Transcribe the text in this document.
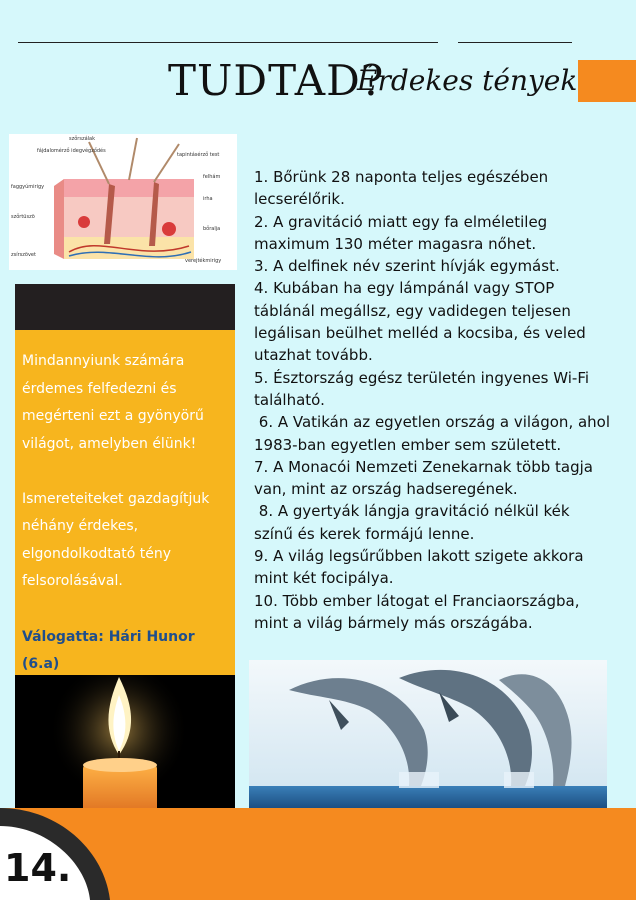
TUDTAD?
Érdekes tények
szőrszálak
fájdalomérző idegvégződés
tapintásérző test
faggyúmirigy
felhám
irha
szőrtüszö
bőralja
zsírszövet
verejtékmirigy

Mindannyiunk számára érdemes felfedezni és megérteni ezt a gyönyörű világot, amelyben élünk!

Ismereteiteket gazdagítjuk néhány érdekes, elgondolkodtató tény felsorolásával.

Válogatta: Hári Hunor (6.a)
1. Bőrünk 28 naponta teljes egészében lecserélőrik.
2. A gravitáció miatt egy fa elméletileg maximum 130 méter magasra nőhet.
3. A delfinek név szerint hívják egymást.
4. Kubában ha egy lámpánál vagy STOP táblánál megállsz, egy vadidegen teljesen legálisan beülhet melléd a kocsiba, és veled utazhat tovább.
5. Észtország egész területén ingyenes Wi-Fi található.
6. A Vatikán az egyetlen ország a világon, ahol 1983-ban egyetlen ember sem született.
7. A Monacói Nemzeti Zenekarnak több tagja van, mint az ország hadseregének.
8. A gyertyák lángja gravitáció nélkül kék színű és kerek formájú lenne.
9. A világ legsűrűbben lakott szigete akkora mint két focipálya.
10. Több ember látogat el Franciaországba, mint a világ bármely más országába.
14.
